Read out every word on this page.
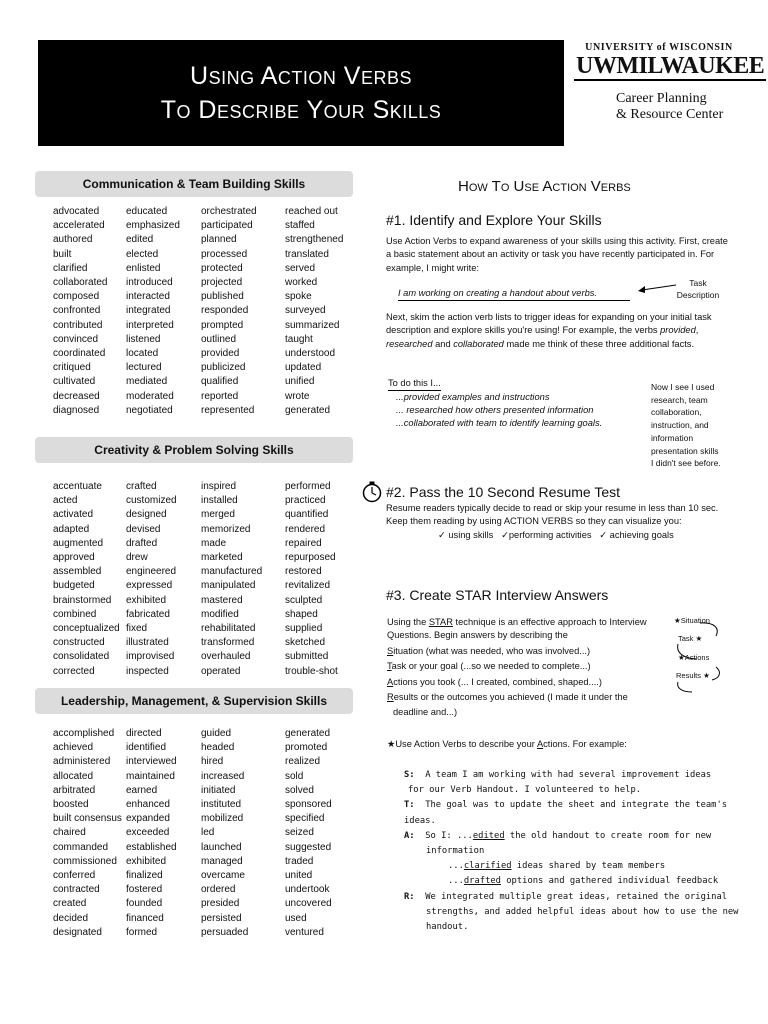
Using Action Verbs
To Describe Your Skills
UNIVERSITY of WISCONSIN
UWMILWAUKEE
Career Planning
& Resource Center
Communication & Team Building Skills
Creativity & Problem Solving Skills
Leadership, Management, & Supervision Skills
advocated
accelerated
authored
built
clarified
collaborated
composed
confronted
contributed
convinced
coordinated
critiqued
cultivated
decreased
diagnosed
educated
emphasized
edited
elected
enlisted
introduced
interacted
integrated
interpreted
listened
located
lectured
mediated
moderated
negotiated
orchestrated
participated
planned
processed
protected
projected
published
responded
prompted
outlined
provided
publicized
qualified
reported
represented
reached out
staffed
strengthened
translated
served
worked
spoke
surveyed
summarized
taught
understood
updated
unified
wrote
generated
accentuate
acted
activated
adapted
augmented
approved
assembled
budgeted
brainstormed
combined
conceptualized
constructed
consolidated
corrected
crafted
customized
designed
devised
drafted
drew
engineered
expressed
exhibited
fabricated
fixed
illustrated
improvised
inspected
inspired
installed
merged
memorized
made
marketed
manufactured
manipulated
mastered
modified
rehabilitated
transformed
overhauled
operated
performed
practiced
quantified
rendered
repaired
repurposed
restored
revitalized
sculpted
shaped
supplied
sketched
submitted
trouble-shot
accomplished
achieved
administered
allocated
arbitrated
boosted
built consensus
chaired
commanded
commissioned
conferred
contracted
created
decided
designated
directed
identified
interviewed
maintained
earned
enhanced
expanded
exceeded
established
exhibited
finalized
fostered
founded
financed
formed
guided
headed
hired
increased
initiated
instituted
mobilized
led
launched
managed
overcame
ordered
presided
persisted
persuaded
generated
promoted
realized
sold
solved
sponsored
specified
seized
suggested
traded
united
undertook
uncovered
used
ventured
How To Use Action Verbs
#1. Identify and Explore Your Skills
Use Action Verbs to expand awareness of your skills using this activity. First, create a basic statement about an activity or task you have recently participated in. For example, I might write:
I am working on creating a handout about verbs.
Task
Description
Next, skim the action verb lists to trigger ideas for expanding on your initial task description and explore skills you're using! For example, the verbs provided, researched and collaborated made me think of these three additional facts.
To do this I...
...provided examples and instructions
... researched how others presented information
...collaborated with team to identify learning goals.
Now I see I used
research, team
collaboration,
instruction, and
information
presentation skills
I didn't see before.
#2. Pass the 10 Second Resume Test
Resume readers typically decide to read or skip your resume in less than 10 sec. Keep them reading by using ACTION VERBS so they can visualize you:
✓ using skills ✓performing activities ✓ achieving goals
#3. Create STAR Interview Answers
Using the STAR technique is an effective approach to Interview Questions. Begin answers by describing the
Situation (what was needed, who was involved...)
Task or your goal (...so we needed to complete...)
Actions you took (... I created, combined, shaped....)
Results or the outcomes you achieved (I made it under the
deadline and...)
★Situation
Task ★
★Actions
Results ★
★Use Action Verbs to describe your Actions. For example:
S: A team I am working with had several improvement ideas
for our Verb Handout. I volunteered to help.
T: The goal was to update the sheet and integrate the team's ideas.
A: So I: ...edited the old handout to create room for new
information
...clarified ideas shared by team members
...drafted options and gathered individual feedback
R: We integrated multiple great ideas, retained the original
strengths, and added helpful ideas about how to use the new
handout.
